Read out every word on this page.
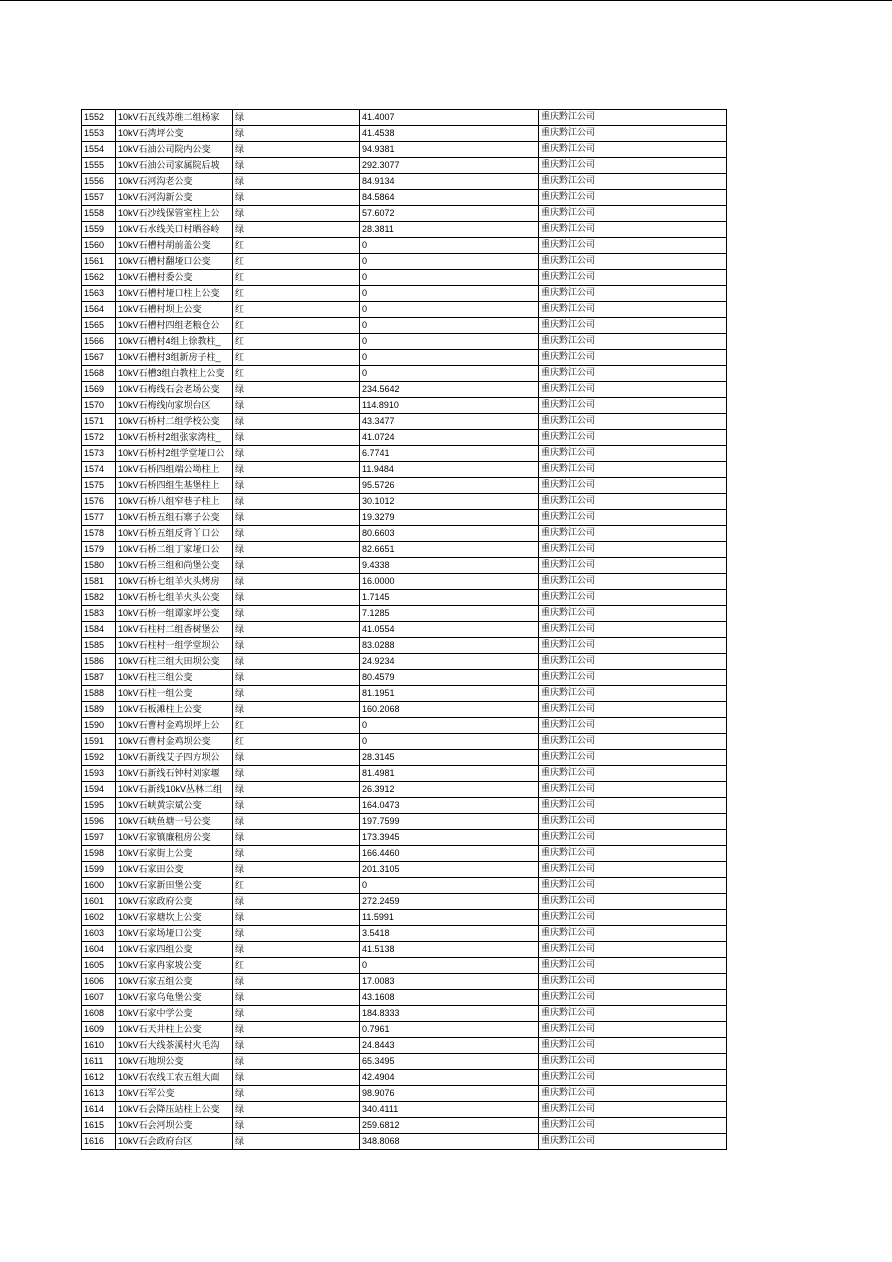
1552	10kV石瓦线苏维二组杨家	绿	41.4007	重庆黔江公司
1553	10kV石湾坪公变	绿	41.4538	重庆黔江公司
1554	10kV石油公司院内公变	绿	94.9381	重庆黔江公司
1555	10kV石油公司家属院后坡	绿	292.3077	重庆黔江公司
1556	10kV石河沟老公变	绿	84.9134	重庆黔江公司
1557	10kV石河沟新公变	绿	84.5864	重庆黔江公司
1558	10kV石沙线保管室柱上公	绿	57.6072	重庆黔江公司
1559	10kV石水线关口村晒谷岭	绿	28.3811	重庆黔江公司
1560	10kV石槽村胡前盖公变	红	0	重庆黔江公司
1561	10kV石槽村翻垭口公变	红	0	重庆黔江公司
1562	10kV石槽村委公变	红	0	重庆黔江公司
1563	10kV石槽村垭口柱上公变	红	0	重庆黔江公司
1564	10kV石槽村坝上公变	红	0	重庆黔江公司
1565	10kV石槽村四组老粮仓公	红	0	重庆黔江公司
1566	10kV石槽村4组上徐教柱_	红	0	重庆黔江公司
1567	10kV石槽村3组新房子柱_	红	0	重庆黔江公司
1568	10kV石槽3组白教柱上公变	红	0	重庆黔江公司
1569	10kV石梅线石会老场公变	绿	234.5642	重庆黔江公司
1570	10kV石梅线向家坝台区	绿	114.8910	重庆黔江公司
1571	10kV石桥村二组学校公变	绿	43.3477	重庆黔江公司
1572	10kV石桥村2组张家湾柱_	绿	41.0724	重庆黔江公司
1573	10kV石桥村2组学堂垭口公	绿	6.7741	重庆黔江公司
1574	10kV石桥四组端公坳柱上	绿	11.9484	重庆黔江公司
1575	10kV石桥四组生基堡柱上	绿	95.5726	重庆黔江公司
1576	10kV石桥八组窄巷子柱上	绿	30.1012	重庆黔江公司
1577	10kV石桥五组石寨子公变	绿	19.3279	重庆黔江公司
1578	10kV石桥五组反背丫口公	绿	80.6603	重庆黔江公司
1579	10kV石桥二组丁家垭口公	绿	82.6651	重庆黔江公司
1580	10kV石桥三组和尚堡公变	绿	9.4338	重庆黔江公司
1581	10kV石桥七组羊火头烤房	绿	16.0000	重庆黔江公司
1582	10kV石桥七组羊火头公变	绿	1.7145	重庆黔江公司
1583	10kV石桥一组谭家坪公变	绿	7.1285	重庆黔江公司
1584	10kV石柱村二组香树堡公	绿	41.0554	重庆黔江公司
1585	10kV石柱村一组学堂坝公	绿	83.0288	重庆黔江公司
1586	10kV石柱三组大田坝公变	绿	24.9234	重庆黔江公司
1587	10kV石柱三组公变	绿	80.4579	重庆黔江公司
1588	10kV石柱一组公变	绿	81.1951	重庆黔江公司
1589	10kV石板滩柱上公变	绿	160.2068	重庆黔江公司
1590	10kV石曹村金鸡坝坪上公	红	0	重庆黔江公司
1591	10kV石曹村金鸡坝公变	红	0	重庆黔江公司
1592	10kV石新线艾子四方坝公	绿	28.3145	重庆黔江公司
1593	10kV石新线石钟村刘家堰	绿	81.4981	重庆黔江公司
1594	10kV石新线10kV丛林二组	绿	26.3912	重庆黔江公司
1595	10kV石峡黄宗斌公变	绿	164.0473	重庆黔江公司
1596	10kV石峡鱼塘一号公变	绿	197.7599	重庆黔江公司
1597	10kV石家镇廉租房公变	绿	173.3945	重庆黔江公司
1598	10kV石家街上公变	绿	166.4460	重庆黔江公司
1599	10kV石家田公变	绿	201.3105	重庆黔江公司
1600	10kV石家新田堡公变	红	0	重庆黔江公司
1601	10kV石家政府公变	绿	272.2459	重庆黔江公司
1602	10kV石家塘坎上公变	绿	11.5991	重庆黔江公司
1603	10kV石家场垭口公变	绿	3.5418	重庆黔江公司
1604	10kV石家四组公变	绿	41.5138	重庆黔江公司
1605	10kV石家冉家坡公变	红	0	重庆黔江公司
1606	10kV石家五组公变	绿	17.0083	重庆黔江公司
1607	10kV石家乌龟堡公变	绿	43.1608	重庆黔江公司
1608	10kV石家中学公变	绿	184.8333	重庆黔江公司
1609	10kV石天井柱上公变	绿	0.7961	重庆黔江公司
1610	10kV石大线茶溪村火毛沟	绿	24.8443	重庆黔江公司
1611	10kV石地坝公变	绿	65.3495	重庆黔江公司
1612	10kV石农线工农五组大面	绿	42.4904	重庆黔江公司
1613	10kV石军公变	绿	98.9076	重庆黔江公司
1614	10kV石会降压站柱上公变	绿	340.4111	重庆黔江公司
1615	10kV石会河坝公变	绿	259.6812	重庆黔江公司
1616	10kV石会政府台区	绿	348.8068	重庆黔江公司
